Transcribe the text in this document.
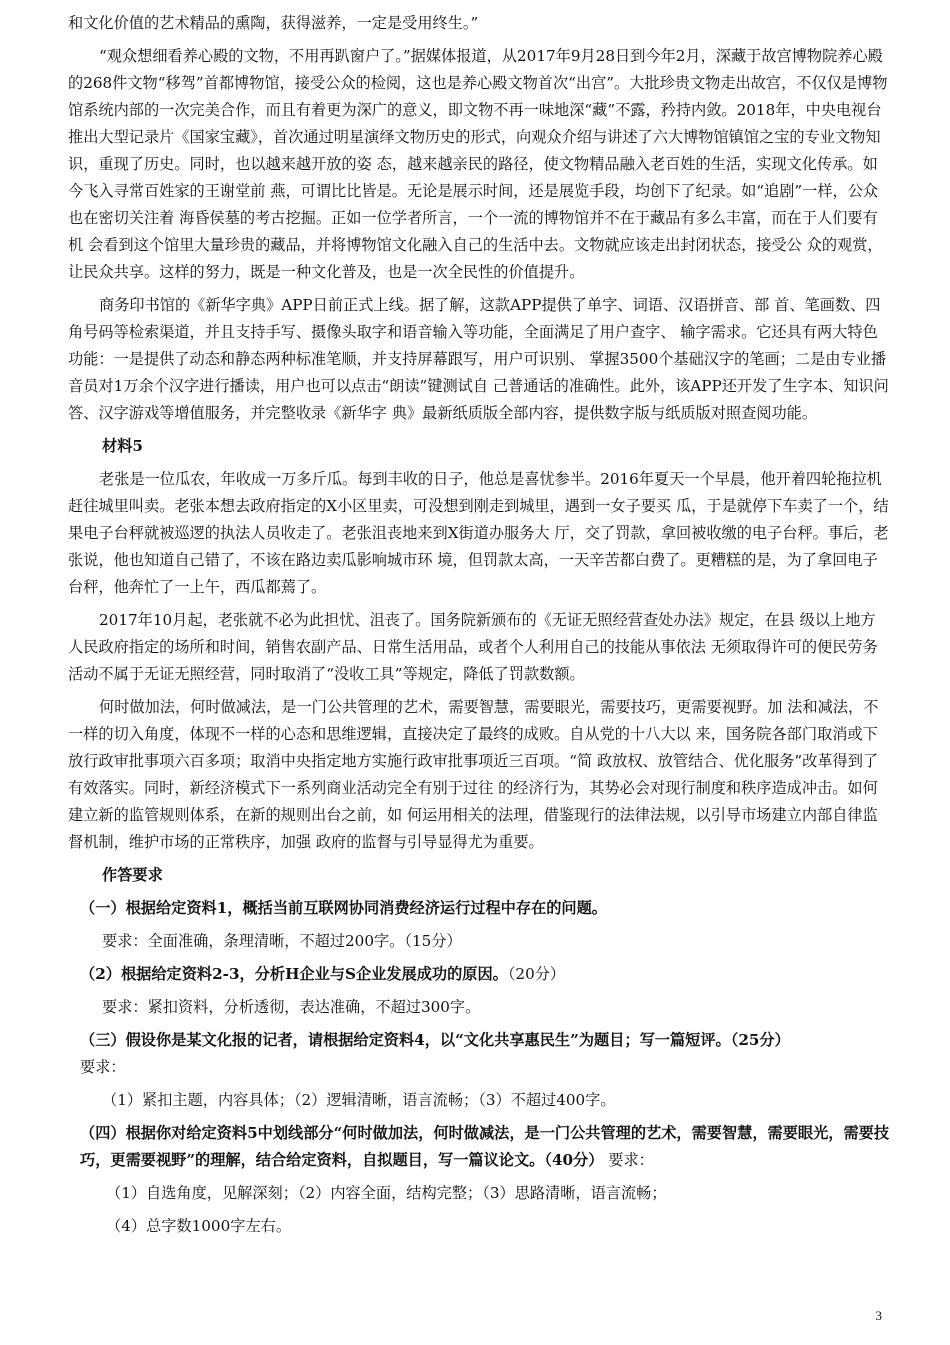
和文化价值的艺术精品的熏陶，获得滋养，一定是受用终生。”

“观众想细看养心殿的文物，不用再趴窗户了。”据媒体报道，从2017年9月28日到今年2月，深藏于故宫博物院养心殿的268件文物“移驾”首都博物馆，接受公众的检阅，这也是养心殿文物首次“出宫”。大批珍贵文物走出故宫，不仅仅是博物馆系统内部的一次完美合作，而且有着更为深广的意义，即文物不再一味地深“藏”不露，矜持内敛。2018年，中央电视台推出大型记录片《国家宝藏》，首次通过明星演绎文物历史的形式，向观众介绍与讲述了六大博物馆镇馆之宝的专业文物知识，重现了历史。同时，也以越来越开放的姿 态，越来越亲民的路径，使文物精品融入老百姓的生活，实现文化传承。如今飞入寻常百姓家的王谢堂前 燕，可谓比比皆是。无论是展示时间，还是展览手段，均创下了纪录。如“追剧”一样，公众也在密切关注着 海昏侯墓的考古挖掘。正如一位学者所言，一个一流的博物馆并不在于藏品有多么丰富，而在于人们要有机 会看到这个馆里大量珍贵的藏品，并将博物馆文化融入自己的生活中去。文物就应该走出封闭状态，接受公 众的观赏，让民众共享。这样的努力，既是一种文化普及，也是一次全民性的价值提升。

商务印书馆的《新华字典》APP日前正式上线。据了解，这款APP提供了单字、词语、汉语拼音、部 首、笔画数、四角号码等检索渠道，并且支持手写、摄像头取字和语音输入等功能，全面满足了用户查字、 输字需求。它还具有两大特色功能：一是提供了动态和静态两种标准笔顺，并支持屏幕跟写，用户可识别、 掌握3500个基础汉字的笔画；二是由专业播音员对1万余个汉字进行播读，用户也可以点击“朗读”键测试自 己普通话的准确性。此外，该APP还开发了生字本、知识问答、汉字游戏等增值服务，并完整收录《新华字 典》最新纸质版全部内容，提供数字版与纸质版对照查阅功能。

材料5

老张是一位瓜农，年收成一万多斤瓜。每到丰收的日子，他总是喜忧参半。2016年夏天一个早晨，他开着四轮拖拉机赶往城里叫卖。老张本想去政府指定的X小区里卖，可没想到刚走到城里，遇到一女子要买 瓜，于是就停下车卖了一个，结果电子台秤就被巡逻的执法人员收走了。老张沮丧地来到X街道办服务大 厅，交了罚款，拿回被收缴的电子台秤。事后，老张说，他也知道自己错了，不该在路边卖瓜影响城市环 境，但罚款太高，一天辛苦都白费了。更糟糕的是，为了拿回电子台秤，他奔忙了一上午，西瓜都蔫了。

2017年10月起，老张就不必为此担忧、沮丧了。国务院新颁布的《无证无照经营查处办法》规定，在县 级以上地方人民政府指定的场所和时间，销售农副产品、日常生活用品，或者个人利用自己的技能从事依法 无须取得许可的便民劳务活动不属于无证无照经营，同时取消了“没收工具”等规定，降低了罚款数额。

何时做加法，何时做减法，是一门公共管理的艺术，需要智慧，需要眼光，需要技巧，更需要视野。加 法和减法，不一样的切入角度，体现不一样的心态和思维逻辑，直接决定了最终的成败。自从党的十八大以 来，国务院各部门取消或下放行政审批事项六百多项；取消中央指定地方实施行政审批事项近三百项。“简 政放权、放管结合、优化服务”改革得到了有效落实。同时，新经济模式下一系列商业活动完全有别于过往 的经济行为，其势必会对现行制度和秩序造成冲击。如何建立新的监管规则体系，在新的规则出台之前，如 何运用相关的法理，借鉴现行的法律法规，以引导市场建立内部自律监督机制，维护市场的正常秩序，加强 政府的监督与引导显得尤为重要。

作答要求

（一）根据给定资料1，概括当前互联网协同消费经济运行过程中存在的问题。

要求：全面准确，条理清晰，不超过200字。（15分）

（2）根据给定资料2-3，分析H企业与S企业发展成功的原因。（20分）

要求：紧扣资料，分析透彻，表达准确，不超过300字。

（三）假设你是某文化报的记者，请根据给定资料4，以“文化共享惠民生”为题目；写一篇短评。（25分）
要求：

（1）紧扣主题，内容具体；（2）逻辑清晰，语言流畅；（3）不超过400字。

（四）根据你对给定资料5中划线部分“何时做加法，何时做减法，是一门公共管理的艺术，需要智慧，需要眼光，需要技巧，更需要视野”的理解，结合给定资料，自拟题目，写一篇议论文。（40分） 要求：

（1）自选角度，见解深刻；（2）内容全面，结构完整；（3）思路清晰，语言流畅；

（4）总字数1000字左右。

3
